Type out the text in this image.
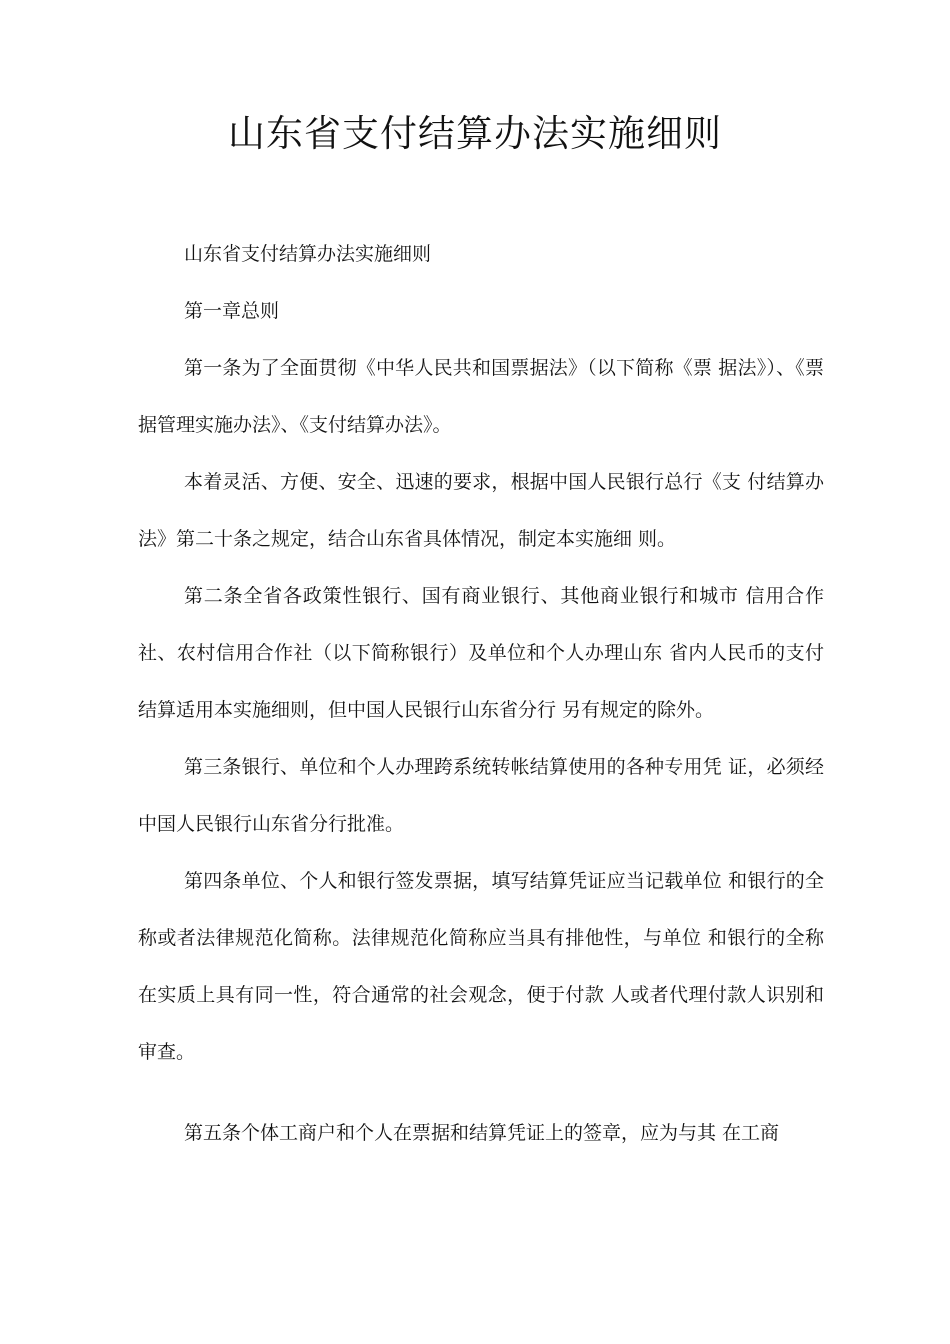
山东省支付结算办法实施细则

山东省支付结算办法实施细则

第一章总则

第一条为了全面贯彻《中华人民共和国票据法》（以下简称《票 据法》）、《票据管理实施办法》、《支付结算办法》。

本着灵活、方便、安全、迅速的要求，根据中国人民银行总行《支 付结算办法》第二十条之规定，结合山东省具体情况，制定本实施细 则。

第二条全省各政策性银行、国有商业银行、其他商业银行和城市 信用合作社、农村信用合作社（以下简称银行）及单位和个人办理山东 省内人民币的支付结算适用本实施细则，但中国人民银行山东省分行 另有规定的除外。

第三条银行、单位和个人办理跨系统转帐结算使用的各种专用凭 证，必须经中国人民银行山东省分行批准。

第四条单位、个人和银行签发票据，填写结算凭证应当记载单位 和银行的全称或者法律规范化简称。法律规范化简称应当具有排他性，与单位 和银行的全称在实质上具有同一性，符合通常的社会观念，便于付款 人或者代理付款人识别和审查。

第五条个体工商户和个人在票据和结算凭证上的签章，应为与其 在工商
